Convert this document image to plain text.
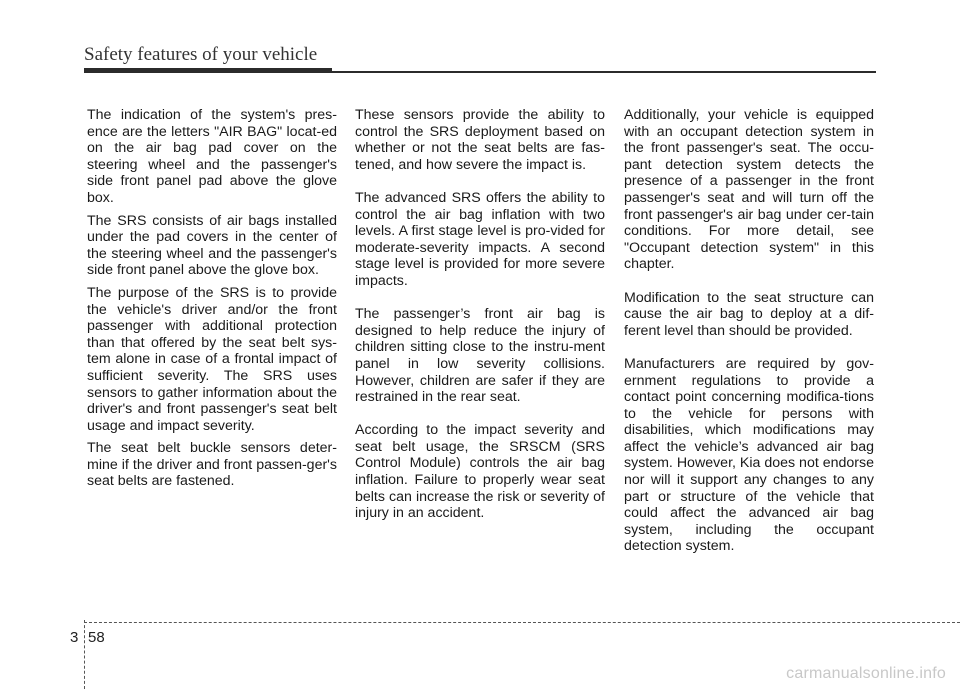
Safety features of your vehicle

The indication of the system's pres-ence are the letters "AIR BAG" locat-ed on the air bag pad cover on the steering wheel and the passenger's side front panel pad above the glove box.

The SRS consists of air bags installed under the pad covers in the center of the steering wheel and the passenger's side front panel above the glove box.

The purpose of the SRS is to provide the vehicle's driver and/or the front passenger with additional protection than that offered by the seat belt sys-tem alone in case of a frontal impact of sufficient severity. The SRS uses sensors to gather information about the driver's and front passenger's seat belt usage and impact severity.

The seat belt buckle sensors deter-mine if the driver and front passen-ger's seat belts are fastened.

These sensors provide the ability to control the SRS deployment based on whether or not the seat belts are fas-tened, and how severe the impact is.

The advanced SRS offers the ability to control the air bag inflation with two levels. A first stage level is pro-vided for moderate-severity impacts. A second stage level is provided for more severe impacts.

The passenger’s front air bag is designed to help reduce the injury of children sitting close to the instru-ment panel in low severity collisions. However, children are safer if they are restrained in the rear seat.

According to the impact severity and seat belt usage, the SRSCM (SRS Control Module) controls the air bag inflation. Failure to properly wear seat belts can increase the risk or severity of injury in an accident.

Additionally, your vehicle is equipped with an occupant detection system in the front passenger's seat. The occu-pant detection system detects the presence of a passenger in the front passenger's seat and will turn off the front passenger's air bag under cer-tain conditions. For more detail, see "Occupant detection system" in this chapter.

Modification to the seat structure can cause the air bag to deploy at a dif-ferent level than should be provided.

Manufacturers are required by gov-ernment regulations to provide a contact point concerning modifica-tions to the vehicle for persons with disabilities, which modifications may affect the vehicle’s advanced air bag system. However, Kia does not endorse nor will it support any changes to any part or structure of the vehicle that could affect the advanced air bag system, including the occupant detection system.

3 58
carmanualsonline.info
